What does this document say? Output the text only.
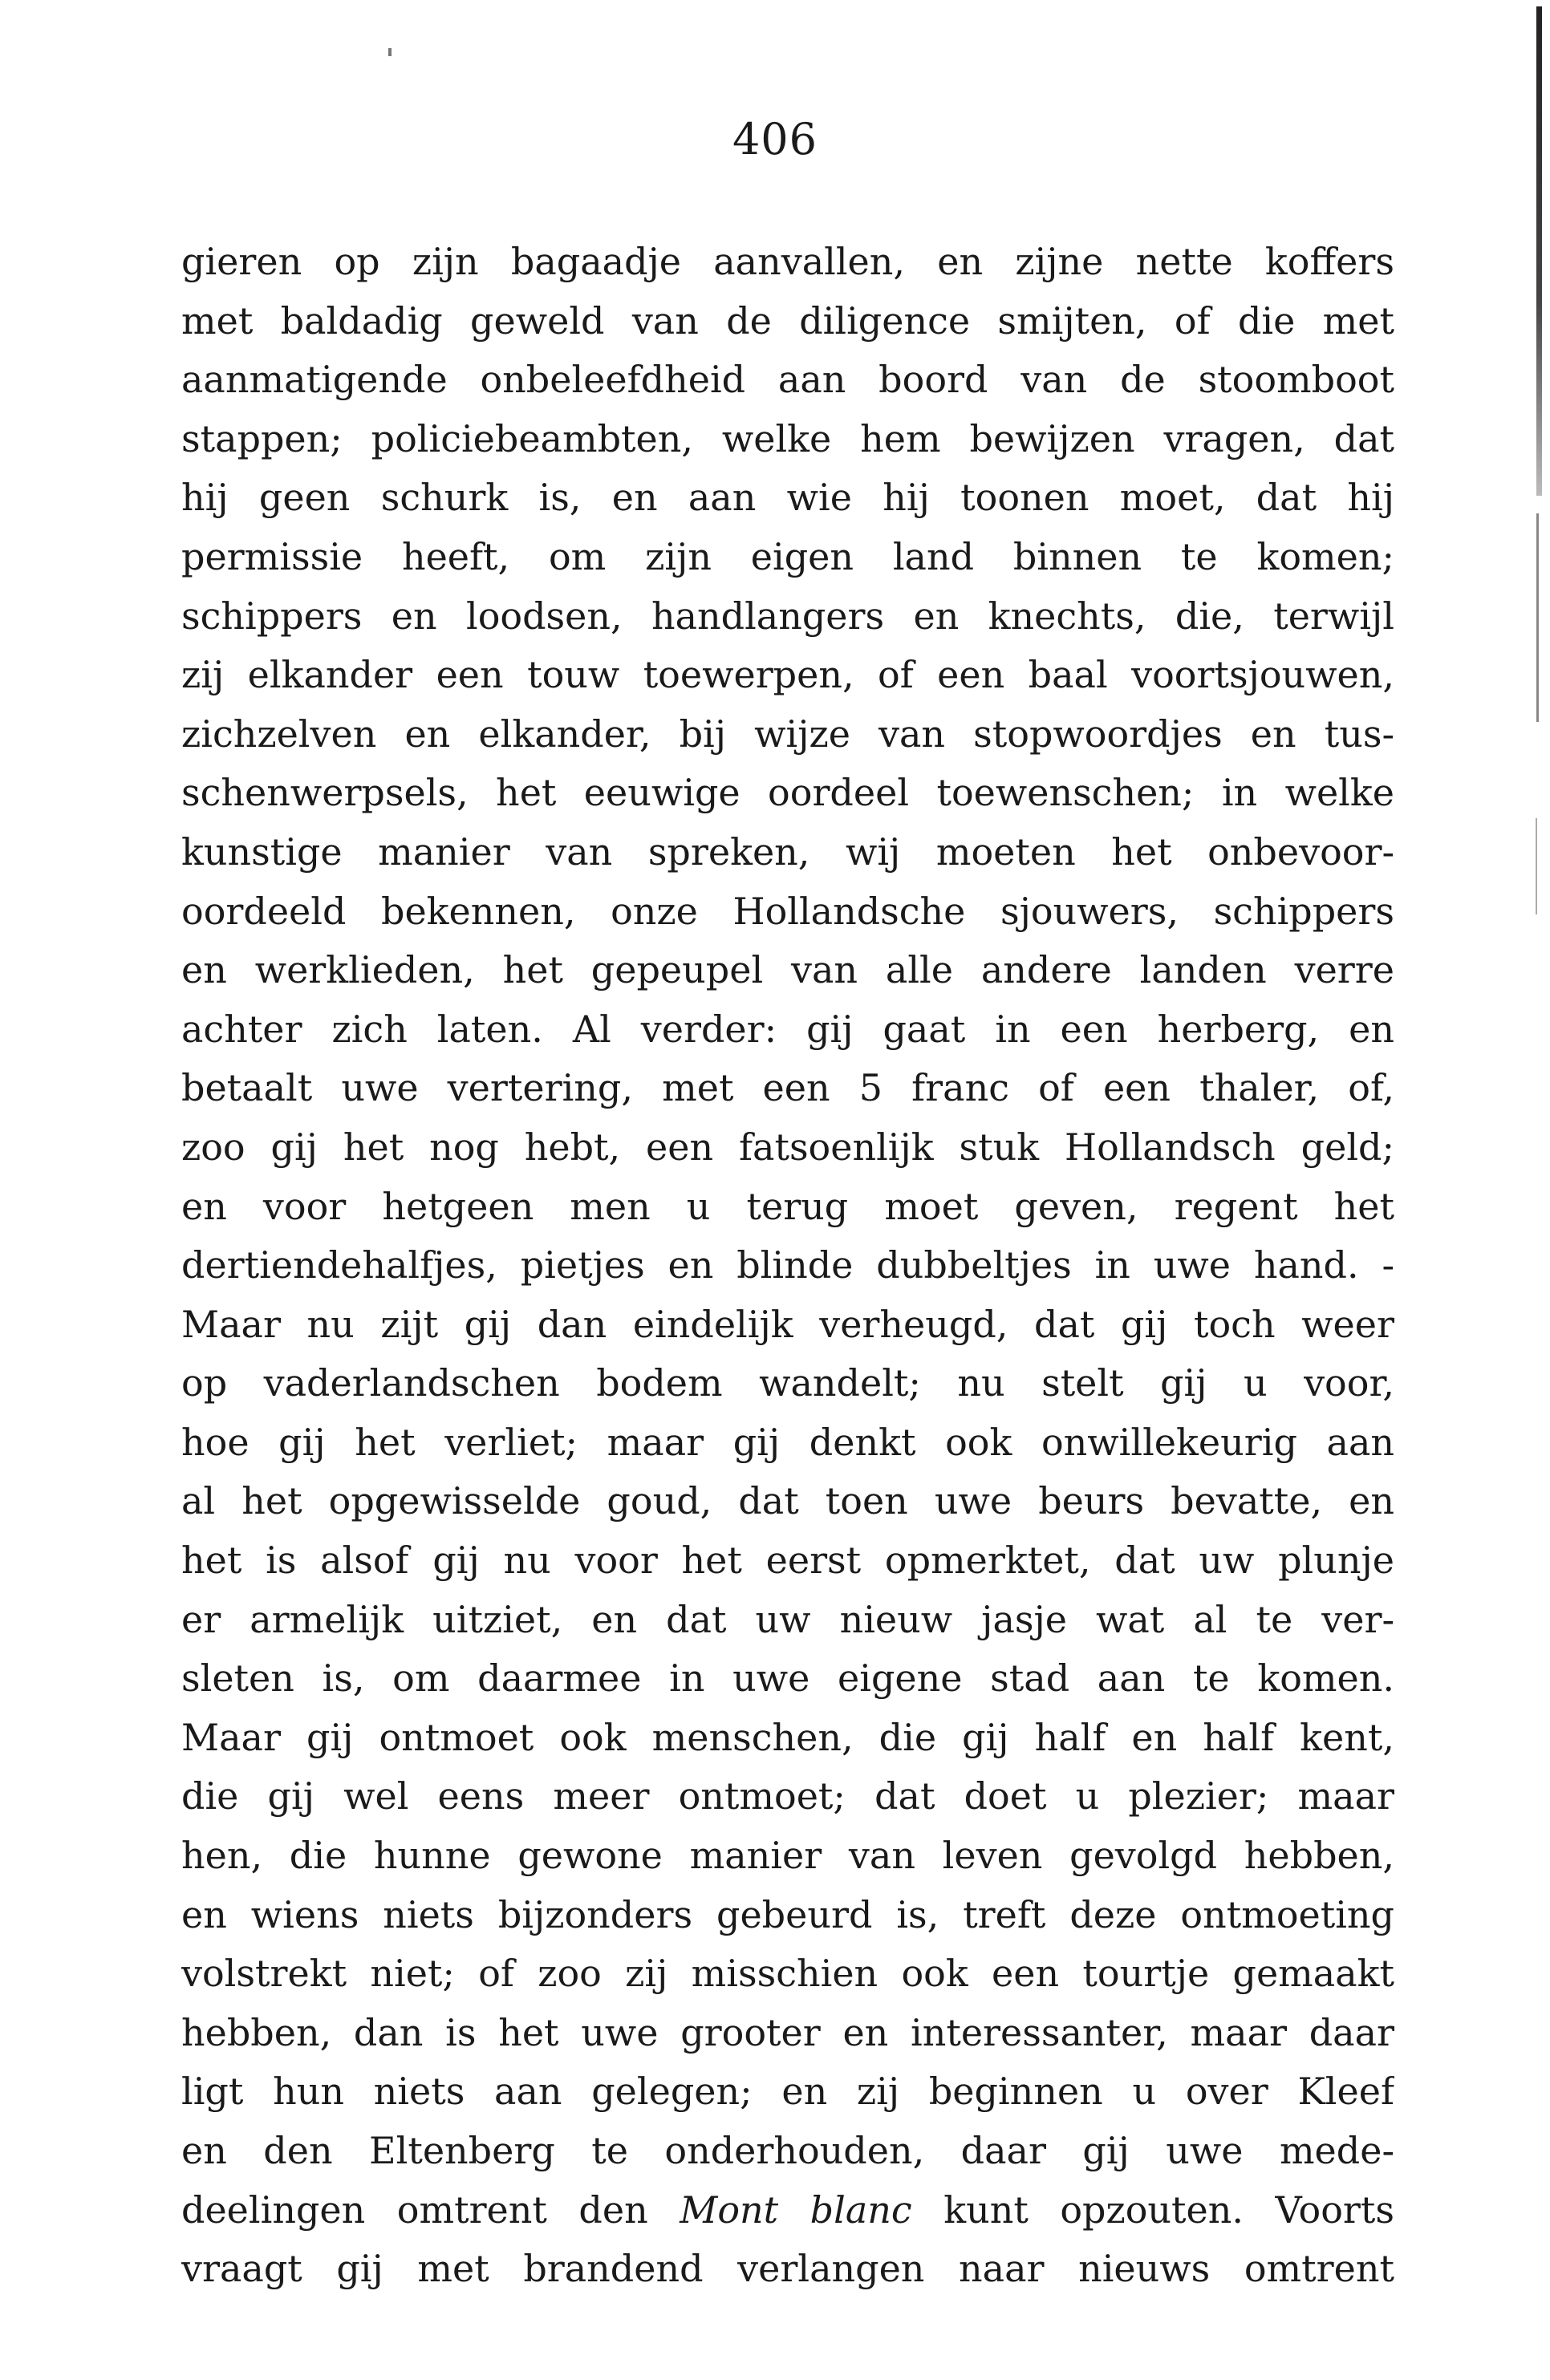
406
gieren op zijn bagaadje aanvallen, en zijne nette koffers
met baldadig geweld van de diligence smijten, of die met
aanmatigende onbeleefdheid aan boord van de stoomboot
stappen; policiebeambten, welke hem bewijzen vragen, dat
hij geen schurk is, en aan wie hij toonen moet, dat hij
permissie heeft, om zijn eigen land binnen te komen;
schippers en loodsen, handlangers en knechts, die, terwijl
zij elkander een touw toewerpen, of een baal voortsjouwen,
zichzelven en elkander, bij wijze van stopwoordjes en tus-
schenwerpsels, het eeuwige oordeel toewenschen; in welke
kunstige manier van spreken, wij moeten het onbevoor-
oordeeld bekennen, onze Hollandsche sjouwers, schippers
en werklieden, het gepeupel van alle andere landen verre
achter zich laten. Al verder: gij gaat in een herberg, en
betaalt uwe vertering, met een 5 franc of een thaler, of,
zoo gij het nog hebt, een fatsoenlijk stuk Hollandsch geld;
en voor hetgeen men u terug moet geven, regent het
dertiendehalfjes, pietjes en blinde dubbeltjes in uwe hand. -
Maar nu zijt gij dan eindelijk verheugd, dat gij toch weer
op vaderlandschen bodem wandelt; nu stelt gij u voor,
hoe gij het verliet; maar gij denkt ook onwillekeurig aan
al het opgewisselde goud, dat toen uwe beurs bevatte, en
het is alsof gij nu voor het eerst opmerktet, dat uw plunje
er armelijk uitziet, en dat uw nieuw jasje wat al te ver-
sleten is, om daarmee in uwe eigene stad aan te komen.
Maar gij ontmoet ook menschen, die gij half en half kent,
die gij wel eens meer ontmoet; dat doet u plezier; maar
hen, die hunne gewone manier van leven gevolgd hebben,
en wiens niets bijzonders gebeurd is, treft deze ontmoeting
volstrekt niet; of zoo zij misschien ook een tourtje gemaakt
hebben, dan is het uwe grooter en interessanter, maar daar
ligt hun niets aan gelegen; en zij beginnen u over Kleef
en den Eltenberg te onderhouden, daar gij uwe mede-
deelingen omtrent den Mont blanc kunt opzouten. Voorts
vraagt gij met brandend verlangen naar nieuws omtrent
